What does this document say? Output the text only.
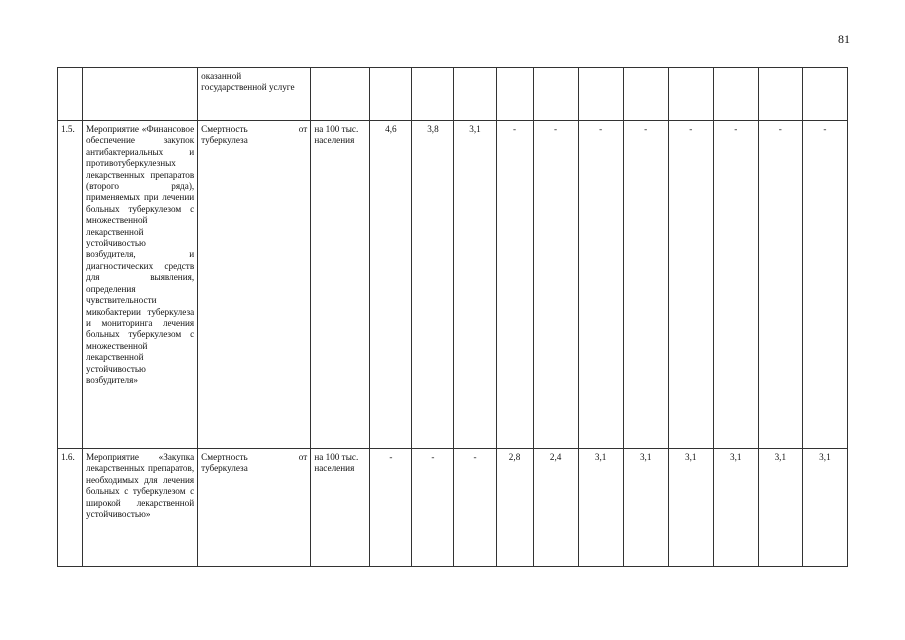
81
		оказанной государственной услуге												
1.5.	Мероприятие «Финансовое обеспечение закупок антибактериальных и противотуберкулезных лекарственных препаратов (второго ряда), применяемых при лечении больных туберкулезом с множественной лекарственной устойчивостью возбудителя, и диагностических средств для выявления, определения чувствительности микобактерии туберкулеза и мониторинга лечения больных туберкулезом с множественной лекарственной устойчивостью возбудителя»	Смертность от туберкулеза	на 100 тыс. населения	4,6	3,8	3,1	-	-	-	-	-	-	-	-
1.6.	Мероприятие «Закупка лекарственных препаратов, необходимых для лечения больных с туберкулезом с широкой лекарственной устойчивостью»	Смертность от туберкулеза	на 100 тыс. населения	-	-	-	2,8	2,4	3,1	3,1	3,1	3,1	3,1	3,1
